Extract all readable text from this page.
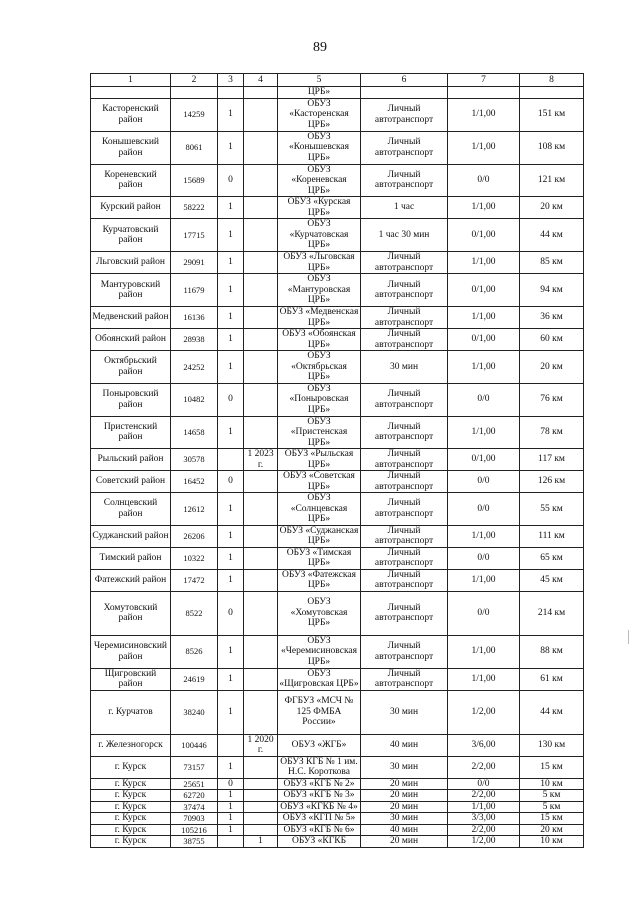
89
1	2	3	4	5	6	7	8
				ЦРБ»			
Касторенский район	14259	1		ОБУЗ «Касторенская ЦРБ»	Личный автотранспорт	1/1,00	151 км
Конышевский район	8061	1		ОБУЗ «Конышевская ЦРБ»	Личный автотранспорт	1/1,00	108 км
Кореневский район	15689	0		ОБУЗ «Кореневская ЦРБ»	Личный автотранспорт	0/0	121 км
Курский район	58222	1		ОБУЗ «Курская ЦРБ»	1 час	1/1,00	20 км
Курчатовский район	17715	1		ОБУЗ «Курчатовская ЦРБ»	1 час 30 мин	0/1,00	44 км
Льговский район	29091	1		ОБУЗ «Льговская ЦРБ»	Личный автотранспорт	1/1,00	85 км
Мантуровский район	11679	1		ОБУЗ «Мантуровская ЦРБ»	Личный автотранспорт	0/1,00	94 км
Медвенский район	16136	1		ОБУЗ «Медвенская ЦРБ»	Личный автотранспорт	1/1,00	36 км
Обоянский район	28938	1		ОБУЗ «Обоянская ЦРБ»	Личный автотранспорт	0/1,00	60 км
Октябрьский район	24252	1		ОБУЗ «Октябрьская ЦРБ»	30 мин	1/1,00	20 км
Поныровский район	10482	0		ОБУЗ «Поныровская ЦРБ»	Личный автотранспорт	0/0	76 км
Пристенский район	14658	1		ОБУЗ «Пристенская ЦРБ»	Личный автотранспорт	1/1,00	78 км
Рыльский район	30578		1 2023 г.	ОБУЗ «Рыльская ЦРБ»	Личный автотранспорт	0/1,00	117 км
Советский район	16452	0		ОБУЗ «Советская ЦРБ»	Личный автотранспорт	0/0	126 км
Солнцевский район	12612	1		ОБУЗ «Солнцевская ЦРБ»	Личный автотранспорт	0/0	55 км
Суджанский район	26206	1		ОБУЗ «Суджанская ЦРБ»	Личный автотранспорт	1/1,00	111 км
Тимский район	10322	1		ОБУЗ «Тимская ЦРБ»	Личный автотранспорт	0/0	65 км
Фатежский район	17472	1		ОБУЗ «Фатежская ЦРБ»	Личный автотранспорт	1/1,00	45 км
Хомутовский район	8522	0		ОБУЗ «Хомутовская ЦРБ»	Личный автотранспорт	0/0	214 км
Черемисиновский район	8526	1		ОБУЗ «Черемисиновская ЦРБ»	Личный автотранспорт	1/1,00	88 км
Щигровский район	24619	1		ОБУЗ «Щигровская ЦРБ»	Личный автотранспорт	1/1,00	61 км
г. Курчатов	38240	1		ФГБУЗ «МСЧ № 125 ФМБА России»	30 мин	1/2,00	44 км
г. Железногорск	100446		1 2020 г.	ОБУЗ «ЖГБ»	40 мин	3/6,00	130 км
г. Курск	73157	1		ОБУЗ КГБ № 1 им. Н.С. Короткова	30 мин	2/2,00	15 км
г. Курск	25651	0		ОБУЗ «КГБ № 2»	20 мин	0/0	10 км
г. Курск	62720	1		ОБУЗ «КГБ № 3»	20 мин	2/2,00	5 км
г. Курск	37474	1		ОБУЗ «КГКБ № 4»	20 мин	1/1,00	5 км
г. Курск	70903	1		ОБУЗ «КГП № 5»	30 мин	3/3,00	15 км
г. Курск	105216	1		ОБУЗ «КГБ № 6»	40 мин	2/2,00	20 км
г. Курск	38755		1	ОБУЗ «КГКБ	20 мин	1/2,00	10 км
